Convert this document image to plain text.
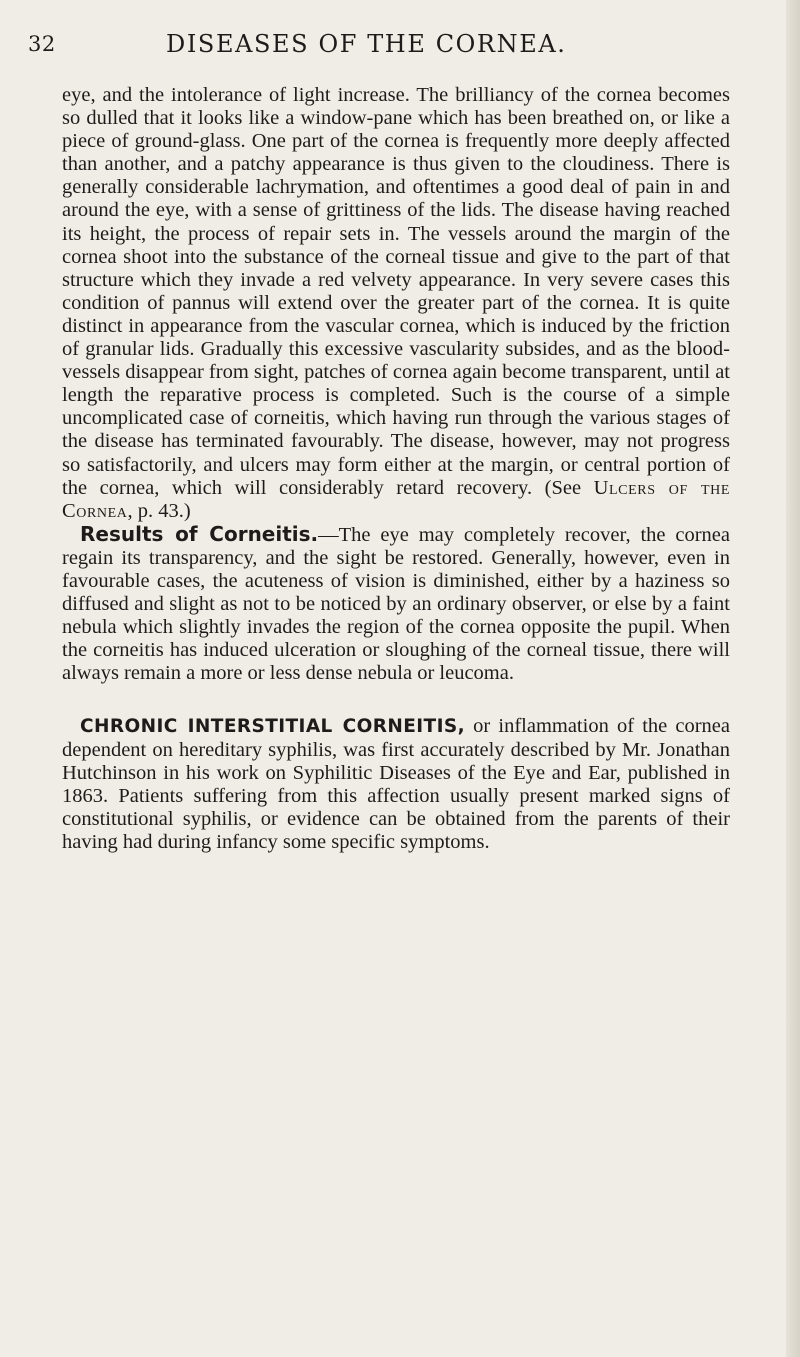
32	DISEASES OF THE CORNEA.

eye, and the intolerance of light increase. The brilliancy of the cornea becomes so dulled that it looks like a window-pane which has been breathed on, or like a piece of ground-glass. One part of the cornea is frequently more deeply affected than another, and a patchy appearance is thus given to the cloudiness. There is generally considerable lachrymation, and oftentimes a good deal of pain in and around the eye, with a sense of grittiness of the lids. The disease having reached its height, the process of repair sets in. The vessels around the margin of the cornea shoot into the substance of the corneal tissue and give to the part of that structure which they invade a red velvety appearance. In very severe cases this condition of pannus will extend over the greater part of the cornea. It is quite distinct in appearance from the vascular cornea, which is induced by the friction of granular lids. Gradually this excessive vascularity subsides, and as the blood-vessels disappear from sight, patches of cornea again become transparent, until at length the reparative process is completed. Such is the course of a simple uncomplicated case of corneitis, which having run through the various stages of the disease has terminated favourably. The disease, however, may not progress so satisfactorily, and ulcers may form either at the margin, or central portion of the cornea, which will considerably retard recovery. (See Ulcers of the Cornea, p. 43.)

Results of Corneitis.—The eye may completely recover, the cornea regain its transparency, and the sight be restored. Generally, however, even in favourable cases, the acuteness of vision is diminished, either by a haziness so diffused and slight as not to be noticed by an ordinary observer, or else by a faint nebula which slightly invades the region of the cornea opposite the pupil. When the corneitis has induced ulceration or sloughing of the corneal tissue, there will always remain a more or less dense nebula or leucoma.

CHRONIC INTERSTITIAL CORNEITIS, or inflammation of the cornea dependent on hereditary syphilis, was first accurately described by Mr. Jonathan Hutchinson in his work on Syphilitic Diseases of the Eye and Ear, published in 1863. Patients suffering from this affection usually present marked signs of constitutional syphilis, or evidence can be obtained from the parents of their having had during infancy some specific symptoms.
